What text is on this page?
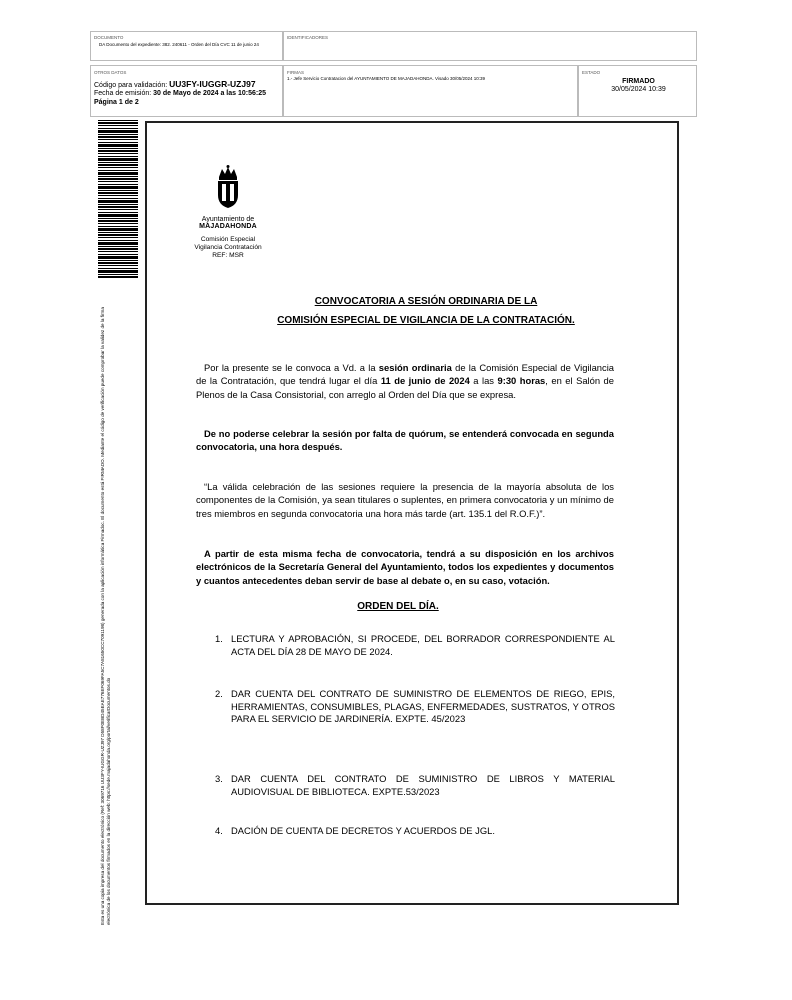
DOCUMENTO
DA Documento del expediente: 382. 240611 - Orden del Día CVC 11 de junio 24
IDENTIFICADORES
OTROS DATOS
Código para validación: UU3FY-IUGGR-UZJ97
Fecha de emisión: 30 de Mayo de 2024 a las 10:56:25
Página 1 de 2
FIRMAS
1.- Jefe Servicio Contratacion del AYUNTAMIENTO DE MAJADAHONDA. Visado 30/05/2024 10:39
ESTADO
FIRMADO
30/05/2024 10:39
Esta es una copia impresa del documento electrónico (Ref: 3069716 UU3FY-IUGGR-UZJ97 D58F0EBD45EAE776EF069FA5C7A81650CC7091198) generada con la aplicación informática Firmadoc. El documento está FIRMADO. Mediante el código de verificación puede comprobar la validez de la firma electrónica de los documentos firmados en la dirección web: https://sede.majadahonda.org/portal/verificarDocumentos.do
Ayuntamiento de
MAJADAHONDA
Comisión Especial
Vigilancia Contratación
REF: MSR
CONVOCATORIA A SESIÓN ORDINARIA DE LA
COMISIÓN ESPECIAL DE VIGILANCIA DE LA CONTRATACIÓN.
Por la presente se le convoca a Vd. a la sesión ordinaria de la Comisión Especial de Vigilancia de la Contratación, que tendrá lugar el día 11 de junio de 2024 a las 9:30 horas, en el Salón de Plenos de la Casa Consistorial, con arreglo al Orden del Día que se expresa.
De no poderse celebrar la sesión por falta de quórum, se entenderá convocada en segunda convocatoria, una hora después.
“La válida celebración de las sesiones requiere la presencia de la mayoría absoluta de los componentes de la Comisión, ya sean titulares o suplentes, en primera convocatoria y un mínimo de tres miembros en segunda convocatoria una hora más tarde (art. 135.1 del R.O.F.)”.
A partir de esta misma fecha de convocatoria, tendrá a su disposición en los archivos electrónicos de la Secretaría General del Ayuntamiento, todos los expedientes y documentos y cuantos antecedentes deban servir de base al debate o, en su caso, votación.
ORDEN DEL DÍA.
1. LECTURA Y APROBACIÓN, SI PROCEDE, DEL BORRADOR CORRESPONDIENTE AL ACTA DEL DÍA 28 DE MAYO DE 2024.
2. DAR CUENTA DEL CONTRATO DE SUMINISTRO DE ELEMENTOS DE RIEGO, EPIS, HERRAMIENTAS, CONSUMIBLES, PLAGAS, ENFERMEDADES, SUSTRATOS, Y OTROS PARA EL SERVICIO DE JARDINERÍA. EXPTE. 45/2023
3. DAR CUENTA DEL CONTRATO DE SUMINISTRO DE LIBROS Y MATERIAL AUDIOVISUAL DE BIBLIOTECA. EXPTE.53/2023
4. DACIÓN DE CUENTA DE DECRETOS Y ACUERDOS DE JGL.
